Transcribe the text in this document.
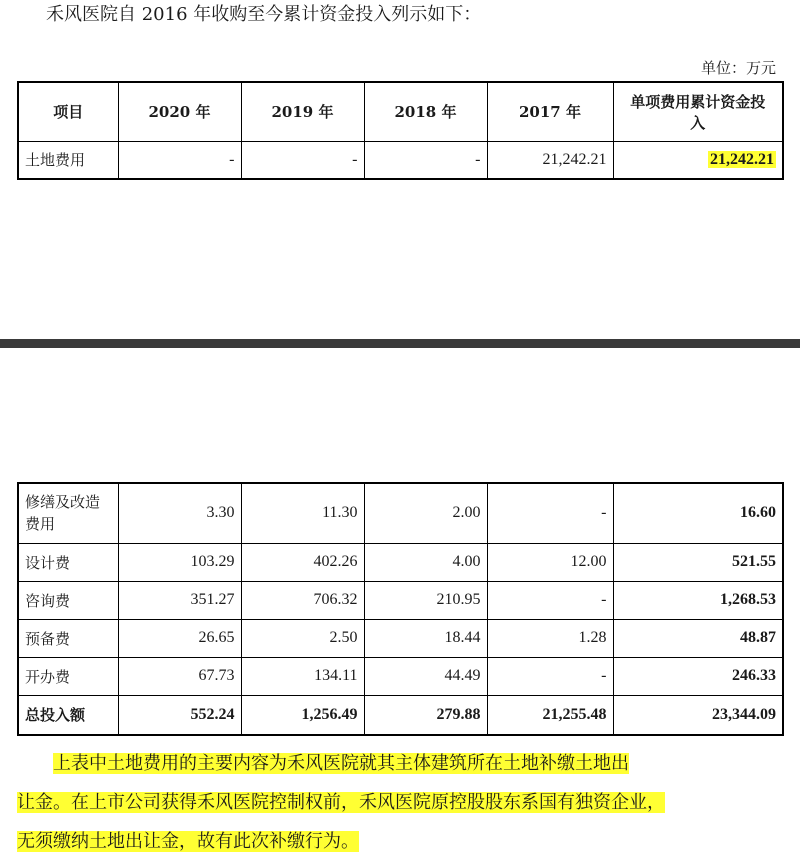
禾风医院自 2016 年收购至今累计资金投入列示如下：
单位：万元
项目	2020 年	2019 年	2018 年	2017 年	单项费用累计资金投入
土地费用	-	-	-	21,242.21	21,242.21
修缮及改造费用	3.30	11.30	2.00	-	16.60
设计费	103.29	402.26	4.00	12.00	521.55
咨询费	351.27	706.32	210.95	-	1,268.53
预备费	26.65	2.50	18.44	1.28	48.87
开办费	67.73	134.11	44.49	-	246.33
总投入额	552.24	1,256.49	279.88	21,255.48	23,344.09
上表中土地费用的主要内容为禾风医院就其主体建筑所在土地补缴土地出
让金。在上市公司获得禾风医院控制权前，禾风医院原控股股东系国有独资企业，
无须缴纳土地出让金，故有此次补缴行为。
